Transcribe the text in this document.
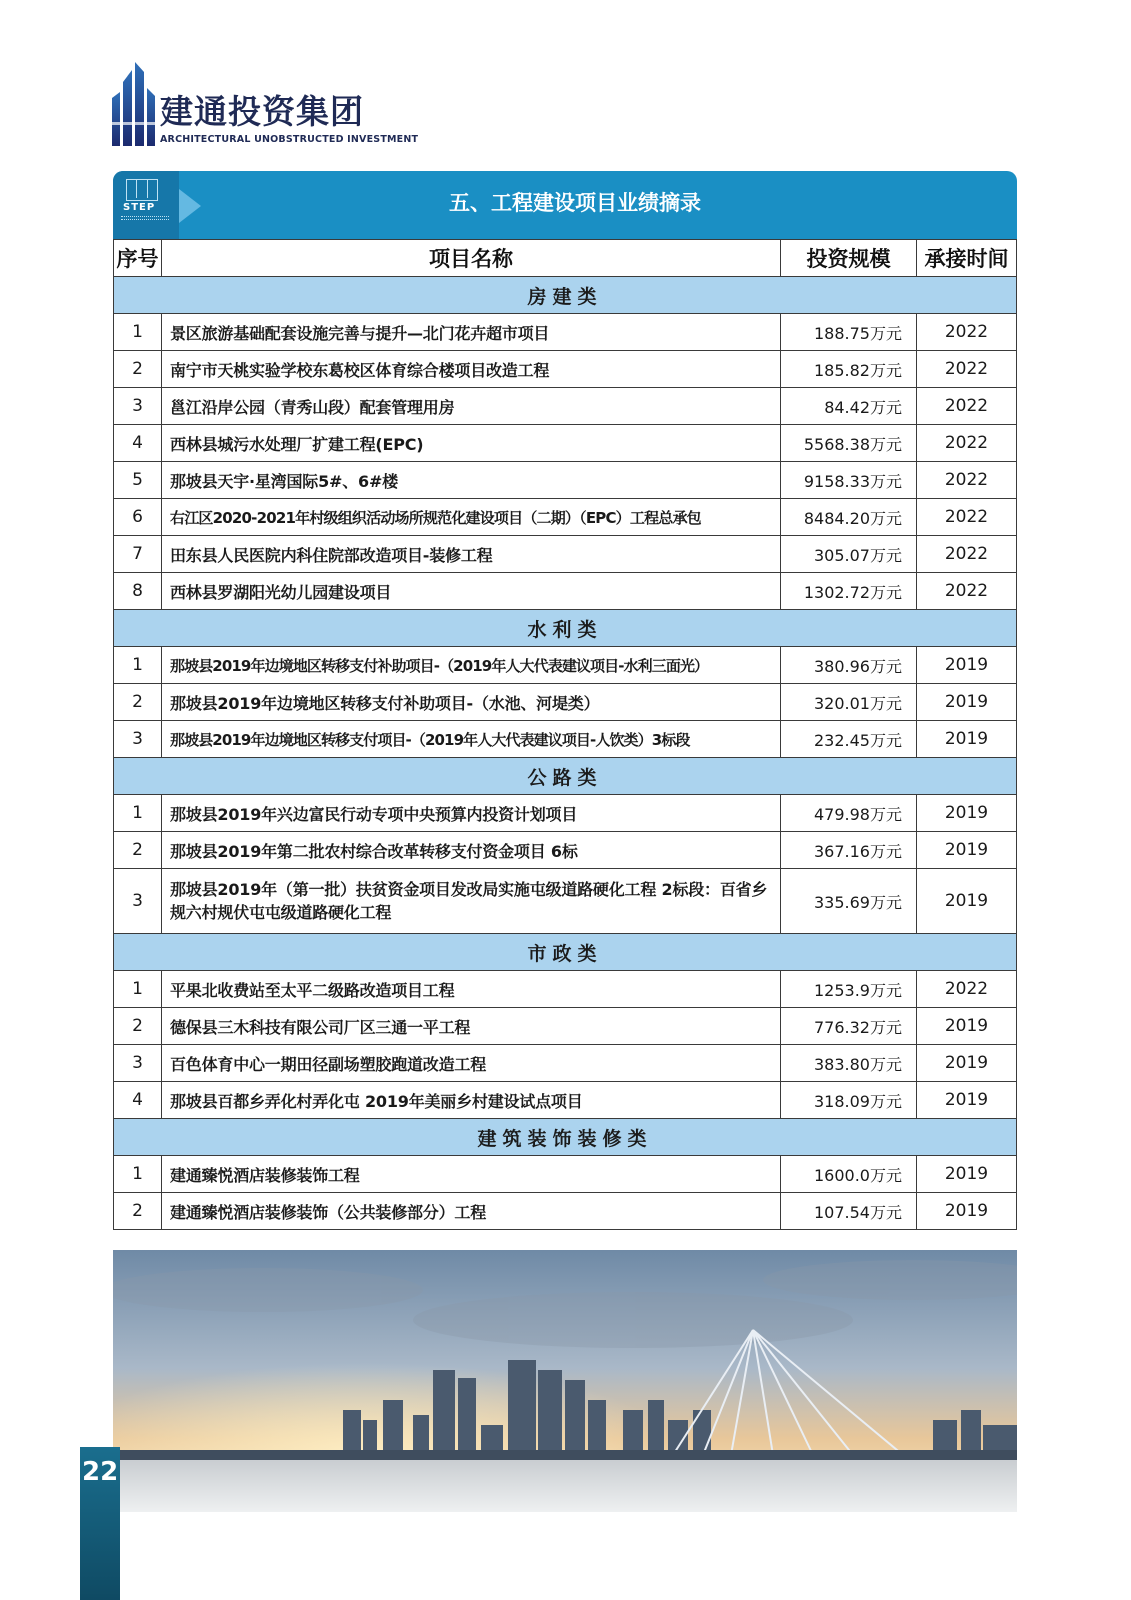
建通投资集团
ARCHITECTURAL UNOBSTRUCTED INVESTMENT
STEP	五、工程建设项目业绩摘录
序号	项目名称	投资规模	承接时间
房建类			
1	景区旅游基础配套设施完善与提升—北门花卉超市项目	188.75万元	2022
2	南宁市天桃实验学校东葛校区体育综合楼项目改造工程	185.82万元	2022
3	邕江沿岸公园（青秀山段）配套管理用房	84.42万元	2022
4	西林县城污水处理厂扩建工程(EPC)	5568.38万元	2022
5	那坡县天宇·星湾国际5#、6#楼	9158.33万元	2022
6	右江区2020-2021年村级组织活动场所规范化建设项目（二期）（EPC）工程总承包	8484.20万元	2022
7	田东县人民医院内科住院部改造项目-装修工程	305.07万元	2022
8	西林县罗湖阳光幼儿园建设项目	1302.72万元	2022
水利类			
1	那坡县2019年边境地区转移支付补助项目-（2019年人大代表建议项目-水利三面光）	380.96万元	2019
2	那坡县2019年边境地区转移支付补助项目-（水池、河堤类）	320.01万元	2019
3	那坡县2019年边境地区转移支付项目-（2019年人大代表建议项目-人饮类）3标段	232.45万元	2019
公路类			
1	那坡县2019年兴边富民行动专项中央预算内投资计划项目	479.98万元	2019
2	那坡县2019年第二批农村综合改革转移支付资金项目 6标	367.16万元	2019
3	那坡县2019年（第一批）扶贫资金项目发改局实施屯级道路硬化工程 2标段：百省乡规六村规伏屯屯级道路硬化工程	335.69万元	2019
市政类			
1	平果北收费站至太平二级路改造项目工程	1253.9万元	2022
2	德保县三木科技有限公司厂区三通一平工程	776.32万元	2019
3	百色体育中心一期田径副场塑胶跑道改造工程	383.80万元	2019
4	那坡县百都乡弄化村弄化屯 2019年美丽乡村建设试点项目	318.09万元	2019
建筑装饰装修类			
1	建通臻悦酒店装修装饰工程	1600.0万元	2019
2	建通臻悦酒店装修装饰（公共装修部分）工程	107.54万元	2019
22
